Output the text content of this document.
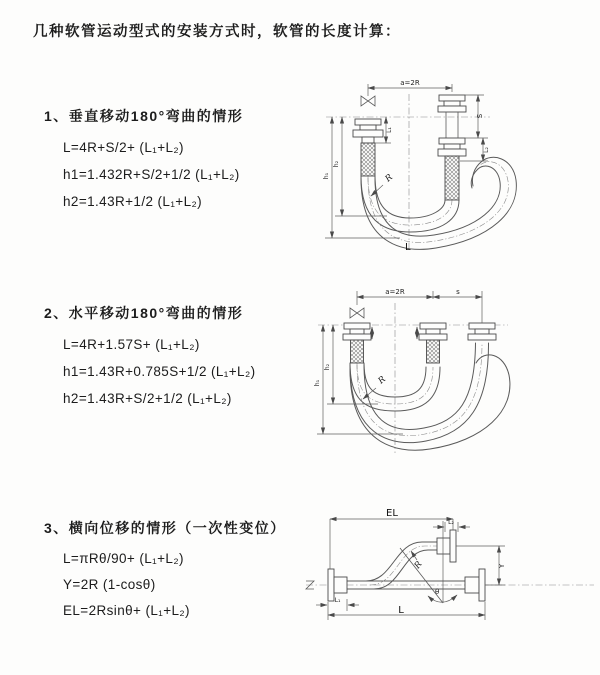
几种软管运动型式的安装方式时，软管的长度计算：
1、垂直移动180°弯曲的情形
L=4R+S/2+ (L₁+L₂)
h1=1.432R+S/2+1/2 (L₁+L₂)
h2=1.43R+1/2 (L₁+L₂)
2、水平移动180°弯曲的情形
L=4R+1.57S+ (L₁+L₂)
h1=1.43R+0.785S+1/2 (L₁+L₂)
h2=1.43R+S/2+1/2 (L₁+L₂)
3、横向位移的情形（一次性变位）
L=πRθ/90+ (L₁+L₂)
Y=2R (1-cosθ)
EL=2Rsinθ+ (L₁+L₂)
a=2R
S
L₂
L₁
h₁
h₂
R
L
a=2R	s
h₁
h₂
R
θ
EL
L₂
Y
R
L
L₁
